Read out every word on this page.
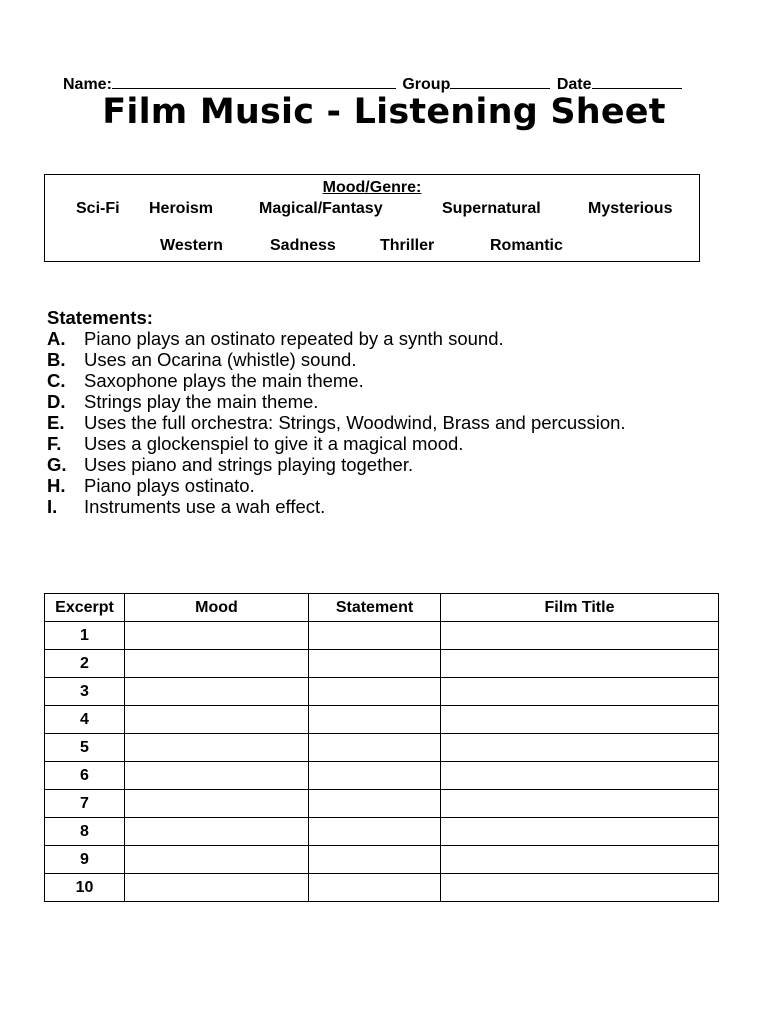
Name:	Group	Date
Film Music - Listening Sheet
Mood/Genre:
Sci-Fi Heroism	Magical/Fantasy	Supernatural	Mysterious
Western	Sadness	Thriller	Romantic
Statements:
A. Piano plays an ostinato repeated by a synth sound.
B. Uses an Ocarina (whistle) sound.
C. Saxophone plays the main theme.
D. Strings play the main theme.
E. Uses the full orchestra: Strings, Woodwind, Brass and percussion.
F. Uses a glockenspiel to give it a magical mood.
G. Uses piano and strings playing together.
H. Piano plays ostinato.
I. Instruments use a wah effect.
Excerpt	Mood	Statement	Film Title
1			
2			
3			
4			
5			
6			
7			
8			
9			
10			
